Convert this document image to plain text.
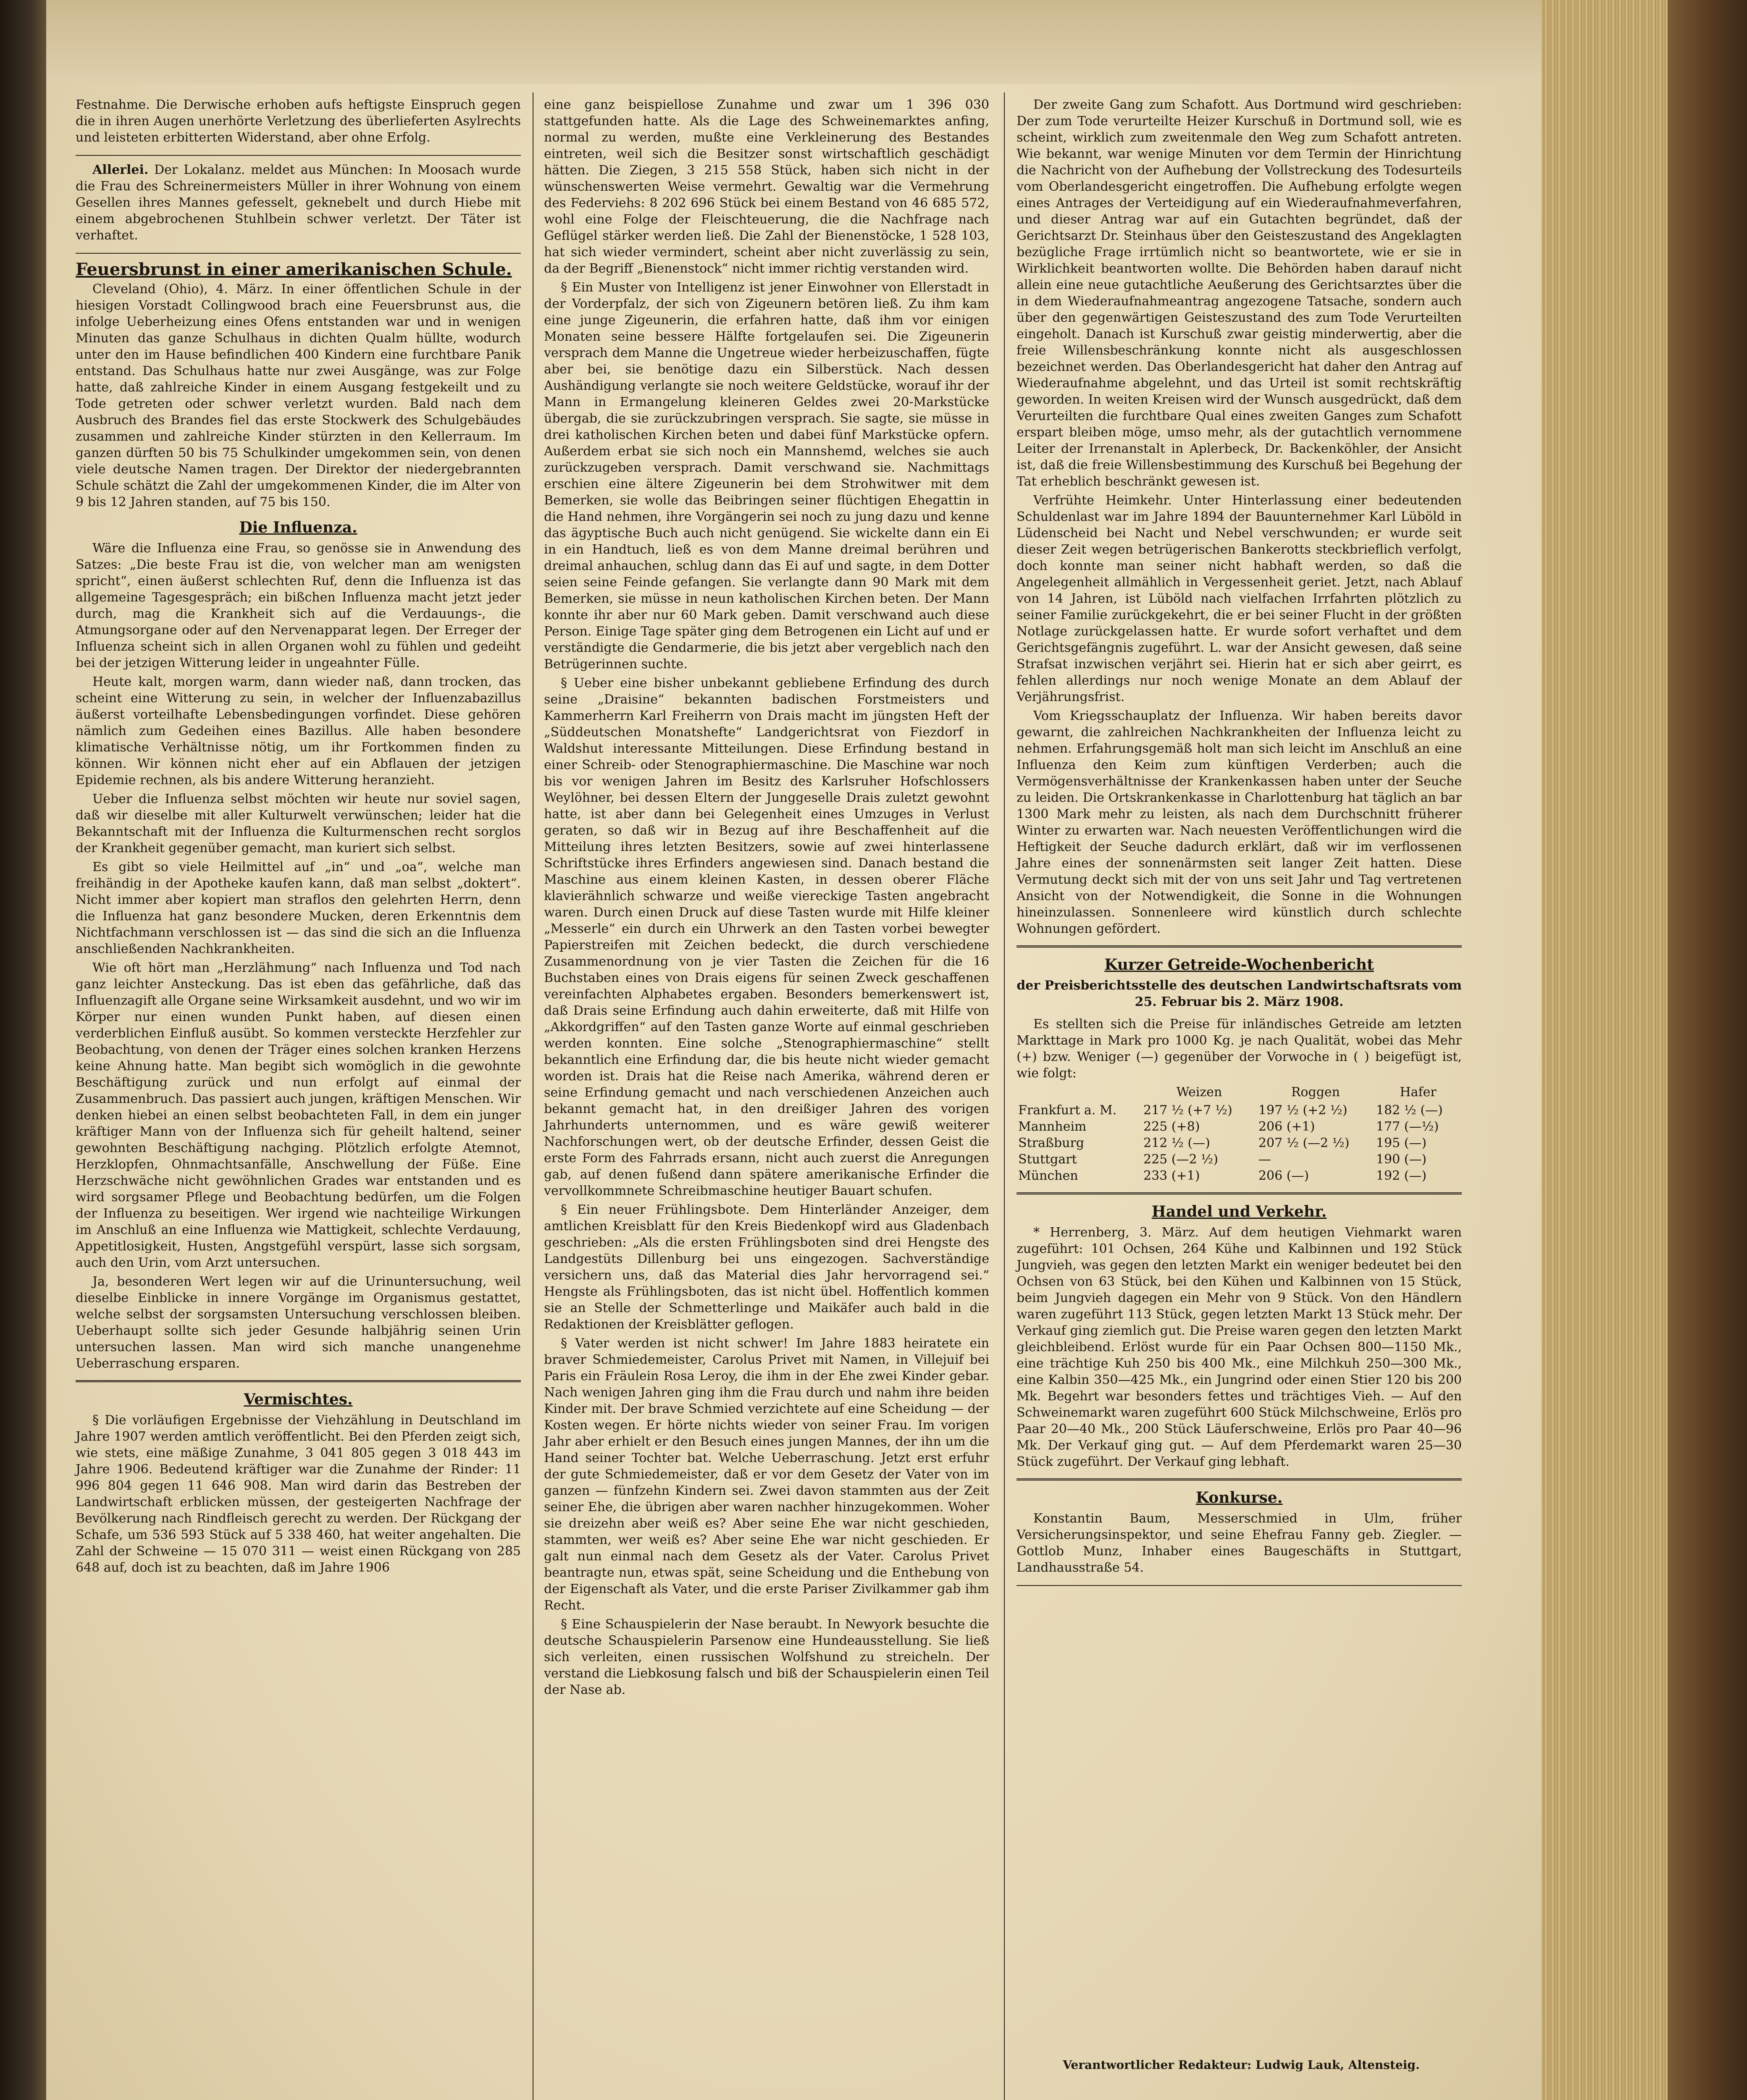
Festnahme. Die Derwische erhoben aufs heftigste Einspruch gegen die in ihren Augen unerhörte Verletzung des überlieferten Asylrechts und leisteten erbitterten Widerstand, aber ohne Erfolg.

Allerlei. Der Lokalanz. meldet aus München: In Moosach wurde die Frau des Schreinermeisters Müller in ihrer Wohnung von einem Gesellen ihres Mannes gefesselt, geknebelt und durch Hiebe mit einem abgebrochenen Stuhlbein schwer verletzt. Der Täter ist verhaftet.

Feuersbrunst in einer amerikanischen Schule.

Cleveland (Ohio), 4. März. In einer öffentlichen Schule in der hiesigen Vorstadt Collingwood brach eine Feuersbrunst aus, die infolge Ueberheizung eines Ofens entstanden war und in wenigen Minuten das ganze Schulhaus in dichten Qualm hüllte, wodurch unter den im Hause befindlichen 400 Kindern eine furchtbare Panik entstand. Das Schulhaus hatte nur zwei Ausgänge, was zur Folge hatte, daß zahlreiche Kinder in einem Ausgang festgekeilt und zu Tode getreten oder schwer verletzt wurden. Bald nach dem Ausbruch des Brandes fiel das erste Stockwerk des Schulgebäudes zusammen und zahlreiche Kinder stürzten in den Kellerraum. Im ganzen dürften 50 bis 75 Schulkinder umgekommen sein, von denen viele deutsche Namen tragen. Der Direktor der niedergebrannten Schule schätzt die Zahl der umgekommenen Kinder, die im Alter von 9 bis 12 Jahren standen, auf 75 bis 150.

Die Influenza.

Wäre die Influenza eine Frau, so genösse sie in Anwendung des Satzes: „Die beste Frau ist die, von welcher man am wenigsten spricht“, einen äußerst schlechten Ruf, denn die Influenza ist das allgemeine Tagesgespräch; ein bißchen Influenza macht jetzt jeder durch, mag die Krankheit sich auf die Verdauungs-, die Atmungsorgane oder auf den Nervenapparat legen. Der Erreger der Influenza scheint sich in allen Organen wohl zu fühlen und gedeiht bei der jetzigen Witterung leider in ungeahnter Fülle.

Heute kalt, morgen warm, dann wieder naß, dann trocken, das scheint eine Witterung zu sein, in welcher der Influenzabazillus äußerst vorteilhafte Lebensbedingungen vorfindet. Diese gehören nämlich zum Gedeihen eines Bazillus. Alle haben besondere klimatische Verhältnisse nötig, um ihr Fortkommen finden zu können. Wir können nicht eher auf ein Abflauen der jetzigen Epidemie rechnen, als bis andere Witterung heranzieht.

Ueber die Influenza selbst möchten wir heute nur soviel sagen, daß wir dieselbe mit aller Kulturwelt verwünschen; leider hat die Bekanntschaft mit der Influenza die Kulturmenschen recht sorglos der Krankheit gegenüber gemacht, man kuriert sich selbst.

Es gibt so viele Heilmittel auf „in“ und „oa“, welche man freihändig in der Apotheke kaufen kann, daß man selbst „doktert“. Nicht immer aber kopiert man straflos den gelehrten Herrn, denn die Influenza hat ganz besondere Mucken, deren Erkenntnis dem Nichtfachmann verschlossen ist — das sind die sich an die Influenza anschließenden Nachkrankheiten.

Wie oft hört man „Herzlähmung“ nach Influenza und Tod nach ganz leichter Ansteckung. Das ist eben das gefährliche, daß das Influenzagift alle Organe seine Wirksamkeit ausdehnt, und wo wir im Körper nur einen wunden Punkt haben, auf diesen einen verderblichen Einfluß ausübt. So kommen versteckte Herzfehler zur Beobachtung, von denen der Träger eines solchen kranken Herzens keine Ahnung hatte. Man begibt sich womöglich in die gewohnte Beschäftigung zurück und nun erfolgt auf einmal der Zusammenbruch. Das passiert auch jungen, kräftigen Menschen. Wir denken hiebei an einen selbst beobachteten Fall, in dem ein junger kräftiger Mann von der Influenza sich für geheilt haltend, seiner gewohnten Beschäftigung nachging. Plötzlich erfolgte Atemnot, Herzklopfen, Ohnmachtsanfälle, Anschwellung der Füße. Eine Herzschwäche nicht gewöhnlichen Grades war entstanden und es wird sorgsamer Pflege und Beobachtung bedürfen, um die Folgen der Influenza zu beseitigen. Wer irgend wie nachteilige Wirkungen im Anschluß an eine Influenza wie Mattigkeit, schlechte Verdauung, Appetitlosigkeit, Husten, Angstgefühl verspürt, lasse sich sorgsam, auch den Urin, vom Arzt untersuchen.

Ja, besonderen Wert legen wir auf die Urinuntersuchung, weil dieselbe Einblicke in innere Vorgänge im Organismus gestattet, welche selbst der sorgsamsten Untersuchung verschlossen bleiben. Ueberhaupt sollte sich jeder Gesunde halbjährig seinen Urin untersuchen lassen. Man wird sich manche unangenehme Ueberraschung ersparen.

Vermischtes.

§ Die vorläufigen Ergebnisse der Viehzählung in Deutschland im Jahre 1907 werden amtlich veröffentlicht. Bei den Pferden zeigt sich, wie stets, eine mäßige Zunahme, 3 041 805 gegen 3 018 443 im Jahre 1906. Bedeutend kräftiger war die Zunahme der Rinder: 11 996 804 gegen 11 646 908. Man wird darin das Bestreben der Landwirtschaft erblicken müssen, der gesteigerten Nachfrage der Bevölkerung nach Rindfleisch gerecht zu werden. Der Rückgang der Schafe, um 536 593 Stück auf 5 338 460, hat weiter angehalten. Die Zahl der Schweine — 15 070 311 — weist einen Rückgang von 285 648 auf, doch ist zu beachten, daß im Jahre 1906

eine ganz beispiellose Zunahme und zwar um 1 396 030 stattgefunden hatte. Als die Lage des Schweinemarktes anfing, normal zu werden, mußte eine Verkleinerung des Bestandes eintreten, weil sich die Besitzer sonst wirtschaftlich geschädigt hätten. Die Ziegen, 3 215 558 Stück, haben sich nicht in der wünschenswerten Weise vermehrt. Gewaltig war die Vermehrung des Federviehs: 8 202 696 Stück bei einem Bestand von 46 685 572, wohl eine Folge der Fleischteuerung, die die Nachfrage nach Geflügel stärker werden ließ. Die Zahl der Bienenstöcke, 1 528 103, hat sich wieder vermindert, scheint aber nicht zuverlässig zu sein, da der Begriff „Bienenstock“ nicht immer richtig verstanden wird.

§ Ein Muster von Intelligenz ist jener Einwohner von Ellerstadt in der Vorderpfalz, der sich von Zigeunern betören ließ. Zu ihm kam eine junge Zigeunerin, die erfahren hatte, daß ihm vor einigen Monaten seine bessere Hälfte fortgelaufen sei. Die Zigeunerin versprach dem Manne die Ungetreue wieder herbeizuschaffen, fügte aber bei, sie benötige dazu ein Silberstück. Nach dessen Aushändigung verlangte sie noch weitere Geldstücke, worauf ihr der Mann in Ermangelung kleineren Geldes zwei 20-Markstücke übergab, die sie zurückzubringen versprach. Sie sagte, sie müsse in drei katholischen Kirchen beten und dabei fünf Markstücke opfern. Außerdem erbat sie sich noch ein Mannshemd, welches sie auch zurückzugeben versprach. Damit verschwand sie. Nachmittags erschien eine ältere Zigeunerin bei dem Strohwitwer mit dem Bemerken, sie wolle das Beibringen seiner flüchtigen Ehegattin in die Hand nehmen, ihre Vorgängerin sei noch zu jung dazu und kenne das ägyptische Buch auch nicht genügend. Sie wickelte dann ein Ei in ein Handtuch, ließ es von dem Manne dreimal berühren und dreimal anhauchen, schlug dann das Ei auf und sagte, in dem Dotter seien seine Feinde gefangen. Sie verlangte dann 90 Mark mit dem Bemerken, sie müsse in neun katholischen Kirchen beten. Der Mann konnte ihr aber nur 60 Mark geben. Damit verschwand auch diese Person. Einige Tage später ging dem Betrogenen ein Licht auf und er verständigte die Gendarmerie, die bis jetzt aber vergeblich nach den Betrügerinnen suchte.

§ Ueber eine bisher unbekannt gebliebene Erfindung des durch seine „Draisine“ bekannten badischen Forstmeisters und Kammerherrn Karl Freiherrn von Drais macht im jüngsten Heft der „Süddeutschen Monatshefte“ Landgerichtsrat von Fiezdorf in Waldshut interessante Mitteilungen. Diese Erfindung bestand in einer Schreib- oder Stenographiermaschine. Die Maschine war noch bis vor wenigen Jahren im Besitz des Karlsruher Hofschlossers Weylöhner, bei dessen Eltern der Junggeselle Drais zuletzt gewohnt hatte, ist aber dann bei Gelegenheit eines Umzuges in Verlust geraten, so daß wir in Bezug auf ihre Beschaffenheit auf die Mitteilung ihres letzten Besitzers, sowie auf zwei hinterlassene Schriftstücke ihres Erfinders angewiesen sind. Danach bestand die Maschine aus einem kleinen Kasten, in dessen oberer Fläche klavierähnlich schwarze und weiße viereckige Tasten angebracht waren. Durch einen Druck auf diese Tasten wurde mit Hilfe kleiner „Messerle“ ein durch ein Uhrwerk an den Tasten vorbei bewegter Papierstreifen mit Zeichen bedeckt, die durch verschiedene Zusammenordnung von je vier Tasten die Zeichen für die 16 Buchstaben eines von Drais eigens für seinen Zweck geschaffenen vereinfachten Alphabetes ergaben. Besonders bemerkenswert ist, daß Drais seine Erfindung auch dahin erweiterte, daß mit Hilfe von „Akkordgriffen“ auf den Tasten ganze Worte auf einmal geschrieben werden konnten. Eine solche „Stenographiermaschine“ stellt bekanntlich eine Erfindung dar, die bis heute nicht wieder gemacht worden ist. Drais hat die Reise nach Amerika, während deren er seine Erfindung gemacht und nach verschiedenen Anzeichen auch bekannt gemacht hat, in den dreißiger Jahren des vorigen Jahrhunderts unternommen, und es wäre gewiß weiterer Nachforschungen wert, ob der deutsche Erfinder, dessen Geist die erste Form des Fahrrads ersann, nicht auch zuerst die Anregungen gab, auf denen fußend dann spätere amerikanische Erfinder die vervollkommnete Schreibmaschine heutiger Bauart schufen.

§ Ein neuer Frühlingsbote. Dem Hinterländer Anzeiger, dem amtlichen Kreisblatt für den Kreis Biedenkopf wird aus Gladenbach geschrieben: „Als die ersten Frühlingsboten sind drei Hengste des Landgestüts Dillenburg bei uns eingezogen. Sachverständige versichern uns, daß das Material dies Jahr hervorragend sei.“ Hengste als Frühlingsboten, das ist nicht übel. Hoffentlich kommen sie an Stelle der Schmetterlinge und Maikäfer auch bald in die Redaktionen der Kreisblätter geflogen.

§ Vater werden ist nicht schwer! Im Jahre 1883 heiratete ein braver Schmiedemeister, Carolus Privet mit Namen, in Villejuif bei Paris ein Fräulein Rosa Leroy, die ihm in der Ehe zwei Kinder gebar. Nach wenigen Jahren ging ihm die Frau durch und nahm ihre beiden Kinder mit. Der brave Schmied verzichtete auf eine Scheidung — der Kosten wegen. Er hörte nichts wieder von seiner Frau. Im vorigen Jahr aber erhielt er den Besuch eines jungen Mannes, der ihn um die Hand seiner Tochter bat. Welche Ueberraschung. Jetzt erst erfuhr der gute Schmiedemeister, daß er vor dem Gesetz der Vater von im ganzen — fünfzehn Kindern sei. Zwei davon stammten aus der Zeit seiner Ehe, die übrigen aber waren nachher hinzugekommen. Woher sie dreizehn aber weiß es? Aber seine Ehe war nicht geschieden, stammten, wer weiß es? Aber seine Ehe war nicht geschieden. Er galt nun einmal nach dem Gesetz als der Vater. Carolus Privet beantragte nun, etwas spät, seine Scheidung und die Enthebung von der Eigenschaft als Vater, und die erste Pariser Zivilkammer gab ihm Recht.

§ Eine Schauspielerin der Nase beraubt. In Newyork besuchte die deutsche Schauspielerin Parsenow eine Hundeausstellung. Sie ließ sich verleiten, einen russischen Wolfshund zu streicheln. Der verstand die Liebkosung falsch und biß der Schauspielerin einen Teil der Nase ab.

Der zweite Gang zum Schafott. Aus Dortmund wird geschrieben: Der zum Tode verurteilte Heizer Kurschuß in Dortmund soll, wie es scheint, wirklich zum zweitenmale den Weg zum Schafott antreten. Wie bekannt, war wenige Minuten vor dem Termin der Hinrichtung die Nachricht von der Aufhebung der Vollstreckung des Todesurteils vom Oberlandesgericht eingetroffen. Die Aufhebung erfolgte wegen eines Antrages der Verteidigung auf ein Wiederaufnahmeverfahren, und dieser Antrag war auf ein Gutachten begründet, daß der Gerichtsarzt Dr. Steinhaus über den Geisteszustand des Angeklagten bezügliche Frage irrtümlich nicht so beantwortete, wie er sie in Wirklichkeit beantworten wollte. Die Behörden haben darauf nicht allein eine neue gutachtliche Aeußerung des Gerichtsarztes über die in dem Wiederaufnahmeantrag angezogene Tatsache, sondern auch über den gegenwärtigen Geisteszustand des zum Tode Verurteilten eingeholt. Danach ist Kurschuß zwar geistig minderwertig, aber die freie Willensbeschränkung konnte nicht als ausgeschlossen bezeichnet werden. Das Oberlandesgericht hat daher den Antrag auf Wiederaufnahme abgelehnt, und das Urteil ist somit rechtskräftig geworden. In weiten Kreisen wird der Wunsch ausgedrückt, daß dem Verurteilten die furchtbare Qual eines zweiten Ganges zum Schafott erspart bleiben möge, umso mehr, als der gutachtlich vernommene Leiter der Irrenanstalt in Aplerbeck, Dr. Backenköhler, der Ansicht ist, daß die freie Willensbestimmung des Kurschuß bei Begehung der Tat erheblich beschränkt gewesen ist.

Verfrühte Heimkehr. Unter Hinterlassung einer bedeutenden Schuldenlast war im Jahre 1894 der Bauunternehmer Karl Lüböld in Lüdenscheid bei Nacht und Nebel verschwunden; er wurde seit dieser Zeit wegen betrügerischen Bankerotts steckbrieflich verfolgt, doch konnte man seiner nicht habhaft werden, so daß die Angelegenheit allmählich in Vergessenheit geriet. Jetzt, nach Ablauf von 14 Jahren, ist Lüböld nach vielfachen Irrfahrten plötzlich zu seiner Familie zurückgekehrt, die er bei seiner Flucht in der größten Notlage zurückgelassen hatte. Er wurde sofort verhaftet und dem Gerichtsgefängnis zugeführt. L. war der Ansicht gewesen, daß seine Strafsat inzwischen verjährt sei. Hierin hat er sich aber geirrt, es fehlen allerdings nur noch wenige Monate an dem Ablauf der Verjährungsfrist.

Vom Kriegsschauplatz der Influenza. Wir haben bereits davor gewarnt, die zahlreichen Nachkrankheiten der Influenza leicht zu nehmen. Erfahrungsgemäß holt man sich leicht im Anschluß an eine Influenza den Keim zum künftigen Verderben; auch die Vermögensverhältnisse der Krankenkassen haben unter der Seuche zu leiden. Die Ortskrankenkasse in Charlottenburg hat täglich an bar 1300 Mark mehr zu leisten, als nach dem Durchschnitt früherer Winter zu erwarten war. Nach neuesten Veröffentlichungen wird die Heftigkeit der Seuche dadurch erklärt, daß wir im verflossenen Jahre eines der sonnenärmsten seit langer Zeit hatten. Diese Vermutung deckt sich mit der von uns seit Jahr und Tag vertretenen Ansicht von der Notwendigkeit, die Sonne in die Wohnungen hineinzulassen. Sonnenleere wird künstlich durch schlechte Wohnungen gefördert.

Kurzer Getreide-Wochenbericht
der Preisberichtsstelle des deutschen Landwirtschaftsrats vom 25. Februar bis 2. März 1908.

Es stellten sich die Preise für inländisches Getreide am letzten Markttage in Mark pro 1000 Kg. je nach Qualität, wobei das Mehr (+) bzw. Weniger (—) gegenüber der Vorwoche in ( ) beigefügt ist, wie folgt:

	Weizen	Roggen	Hafer
Frankfurt a. M.	217 ½ (+7 ½)	197 ½ (+2 ½)	182 ½ (—)
Mannheim	225 (+8)	206 (+1)	177 (—½)
Straßburg	212 ½ (—)	207 ½ (—2 ½)	195 (—)
Stuttgart	225 (—2 ½)	—	190 (—)
München	233 (+1)	206 (—)	192 (—)
Handel und Verkehr.

* Herrenberg, 3. März. Auf dem heutigen Viehmarkt waren zugeführt: 101 Ochsen, 264 Kühe und Kalbinnen und 192 Stück Jungvieh, was gegen den letzten Markt ein weniger bedeutet bei den Ochsen von 63 Stück, bei den Kühen und Kalbinnen von 15 Stück, beim Jungvieh dagegen ein Mehr von 9 Stück. Von den Händlern waren zugeführt 113 Stück, gegen letzten Markt 13 Stück mehr. Der Verkauf ging ziemlich gut. Die Preise waren gegen den letzten Markt gleichbleibend. Erlöst wurde für ein Paar Ochsen 800—1150 Mk., eine trächtige Kuh 250 bis 400 Mk., eine Milchkuh 250—300 Mk., eine Kalbin 350—425 Mk., ein Jungrind oder einen Stier 120 bis 200 Mk. Begehrt war besonders fettes und trächtiges Vieh. — Auf den Schweinemarkt waren zugeführt 600 Stück Milchschweine, Erlös pro Paar 20—40 Mk., 200 Stück Läuferschweine, Erlös pro Paar 40—96 Mk. Der Verkauf ging gut. — Auf dem Pferdemarkt waren 25—30 Stück zugeführt. Der Verkauf ging lebhaft.

Konkurse.

Konstantin Baum, Messerschmied in Ulm, früher Versicherungsinspektor, und seine Ehefrau Fanny geb. Ziegler. — Gottlob Munz, Inhaber eines Baugeschäfts in Stuttgart, Landhausstraße 54.

Verantwortlicher Redakteur: Ludwig Lauk, Altensteig.
